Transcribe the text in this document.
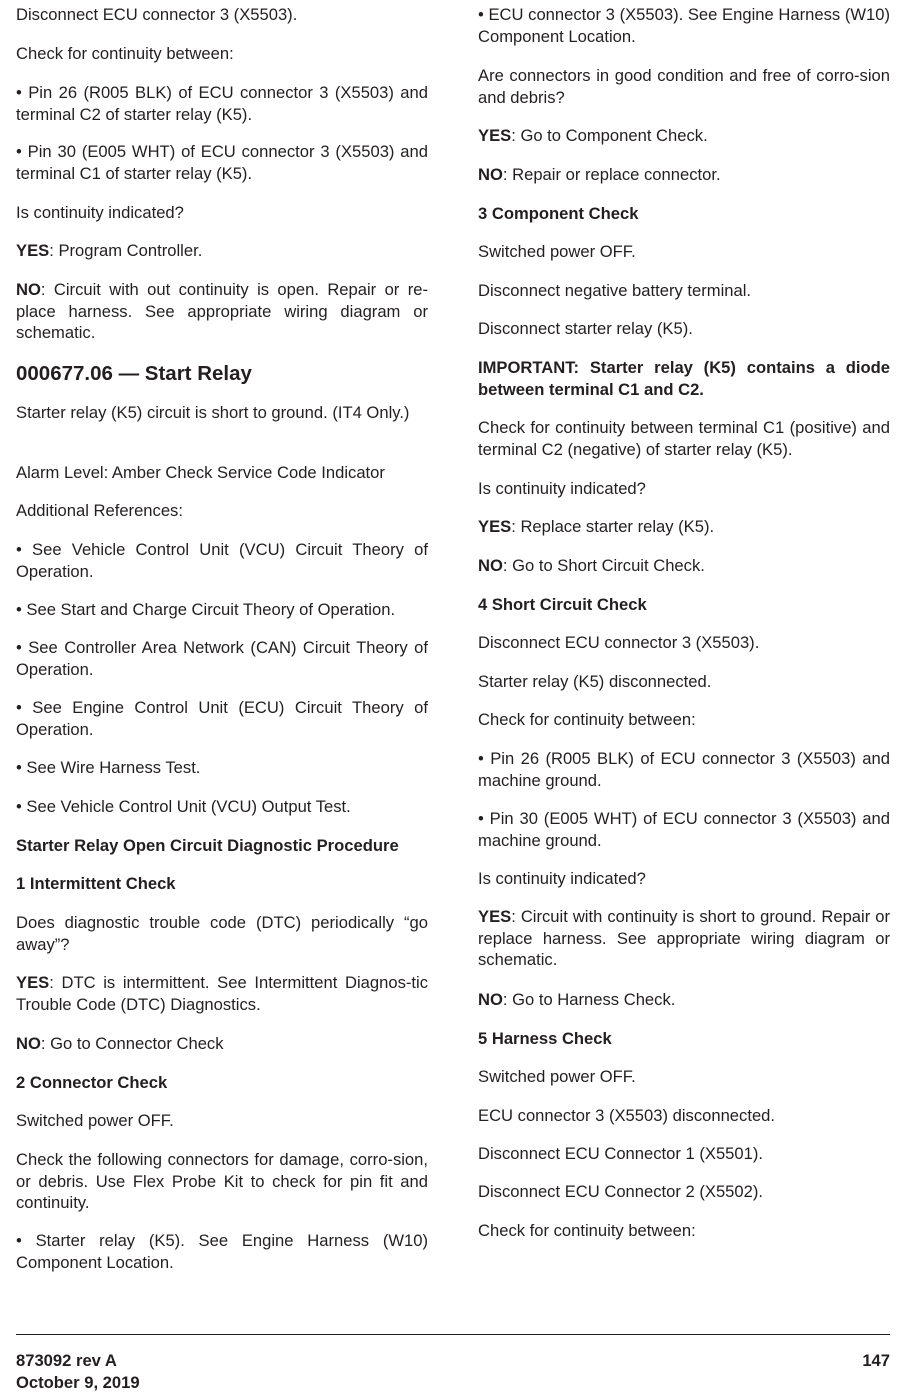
Disconnect ECU connector 3 (X5503).
Check for continuity between:
• Pin 26 (R005 BLK) of ECU connector 3 (X5503) and terminal C2 of starter relay (K5).
• Pin 30 (E005 WHT) of ECU connector 3 (X5503) and terminal C1 of starter relay (K5).
Is continuity indicated?
YES: Program Controller.
NO: Circuit with out continuity is open. Repair or re-place harness. See appropriate wiring diagram or schematic.
000677.06 — Start Relay
Starter relay (K5) circuit is short to ground. (IT4 Only.)
Alarm Level: Amber Check Service Code Indicator
Additional References:
• See Vehicle Control Unit (VCU) Circuit Theory of Operation.
• See Start and Charge Circuit Theory of Operation.
• See Controller Area Network (CAN) Circuit Theory of Operation.
• See Engine Control Unit (ECU) Circuit Theory of Operation.
• See Wire Harness Test.
• See Vehicle Control Unit (VCU) Output Test.
Starter Relay Open Circuit Diagnostic Procedure
1 Intermittent Check
Does diagnostic trouble code (DTC) periodically “go away”?
YES: DTC is intermittent. See Intermittent Diagnos-tic Trouble Code (DTC) Diagnostics.
NO: Go to Connector Check
2 Connector Check
Switched power OFF.
Check the following connectors for damage, corro-sion, or debris. Use Flex Probe Kit to check for pin fit and continuity.
• Starter relay (K5). See Engine Harness (W10) Component Location.
• ECU connector 3 (X5503). See Engine Harness (W10) Component Location.
Are connectors in good condition and free of corro-sion and debris?
YES: Go to Component Check.
NO: Repair or replace connector.
3 Component Check
Switched power OFF.
Disconnect negative battery terminal.
Disconnect starter relay (K5).
IMPORTANT: Starter relay (K5) contains a diode between terminal C1 and C2.
Check for continuity between terminal C1 (positive) and terminal C2 (negative) of starter relay (K5).
Is continuity indicated?
YES: Replace starter relay (K5).
NO: Go to Short Circuit Check.
4 Short Circuit Check
Disconnect ECU connector 3 (X5503).
Starter relay (K5) disconnected.
Check for continuity between:
• Pin 26 (R005 BLK) of ECU connector 3 (X5503) and machine ground.
• Pin 30 (E005 WHT) of ECU connector 3 (X5503) and machine ground.
Is continuity indicated?
YES: Circuit with continuity is short to ground. Repair or replace harness. See appropriate wiring diagram or schematic.
NO: Go to Harness Check.
5 Harness Check
Switched power OFF.
ECU connector 3 (X5503) disconnected.
Disconnect ECU Connector 1 (X5501).
Disconnect ECU Connector 2 (X5502).
Check for continuity between:
873092 rev A
October 9, 2019
147
